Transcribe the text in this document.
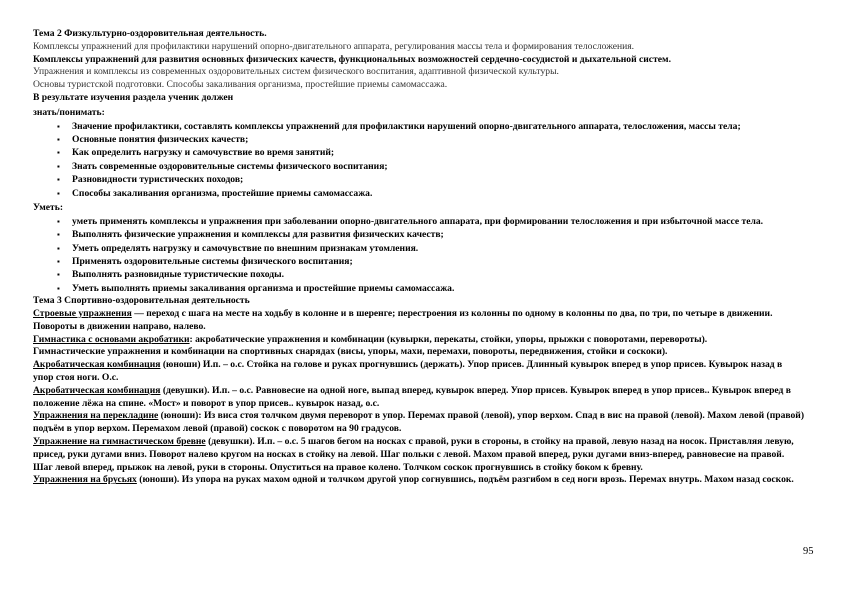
Тема 2 Физкультурно-оздоровительная деятельность.

Комплексы упражнений для профилактики нарушений опорно-двигательного аппарата, регулирования массы тела и формирования телосложения.

Комплексы упражнений для развития основных физических качеств, функциональных возможностей сердечно-сосудистой и дыхательной систем.

Упражнения и комплексы из современных оздоровительных систем физического воспитания, адаптивной физической культуры.

Основы туристской подготовки. Способы закаливания организма, простейшие приемы самомассажа.

В результате изучения раздела ученик должен

знать/понимать:

▪ Значение профилактики, составлять комплексы упражнений для профилактики нарушений опорно-двигательного аппарата, телосложения, массы тела;
▪ Основные понятия физических качеств;
▪ Как определить нагрузку и самочувствие во время занятий;
▪ Знать современные оздоровительные системы физического воспитания;
▪ Разновидности туристических походов;
▪ Способы закаливания организма, простейшие приемы самомассажа.

Уметь:

▪ уметь применять комплексы и упражнения при заболевании опорно-двигательного аппарата, при формировании телосложения и при избыточной массе тела.
▪ Выполнять физические упражнения и комплексы для развития физических качеств;
▪ Уметь определять нагрузку и самочувствие по внешним признакам утомления.
▪ Применять оздоровительные системы физического воспитания;
▪ Выполнять разновидные туристические походы.
▪ Уметь выполнять приемы закаливания организма и простейшие приемы самомассажа.

Тема 3 Спортивно-оздоровительная деятельность

Строевые упражнения — переход с шага на месте на ходьбу в колонне и в шеренге; перестроения из колонны по одному в колонны по два, по три, по четыре в движении. Повороты в движении направо, налево.

Гимнастика с основами акробатики: акробатические упражнения и комбинации (кувырки, перекаты, стойки, упоры, прыжки с поворотами, перевороты).

Гимнастические упражнения и комбинации на спортивных снарядах (висы, упоры, махи, перемахи, повороты, передвижения, стойки и соскоки).

Акробатическая комбинация (юноши) И.п. – о.с. Стойка на голове и руках прогнувшись (держать). Упор присев. Длинный кувырок вперед в упор присев. Кувырок назад в упор стоя ноги. О.с.

Акробатическая комбинация (девушки). И.п. – о.с. Равновесие на одной ноге, выпад вперед, кувырок вперед. Упор присев. Кувырок вперед в упор присев.. Кувырок вперед в положение лёжа на спине. «Мост» и поворот в упор присев.. кувырок назад, о.с.

Упражнения на перекладине (юноши): Из виса стоя толчком двумя переворот в упор. Перемах правой (левой), упор верхом. Спад в вис на правой (левой). Махом левой (правой) подъём в упор верхом. Перемахом левой (правой) соскок с поворотом на 90 градусов.

Упражнение на гимнастическом бревне (девушки). И.п. – о.с. 5 шагов бегом на носках с правой, руки в стороны, в стойку на правой, левую назад на носок. Приставляя левую, присед, руки дугами вниз. Поворот налево кругом на носках в стойку на левой. Шаг польки с левой. Махом правой вперед, руки дугами вниз-вперед, равновесие на правой. Шаг левой вперед, прыжок на левой, руки в стороны. Опуститься на правое колено. Толчком соскок прогнувшись в стойку боком к бревну.

Упражнения на брусьях (юноши). Из упора на руках махом одной и толчком другой упор согнувшись, подъём разгибом в сед ноги врозь. Перемах внутрь. Махом назад соскок.

95
